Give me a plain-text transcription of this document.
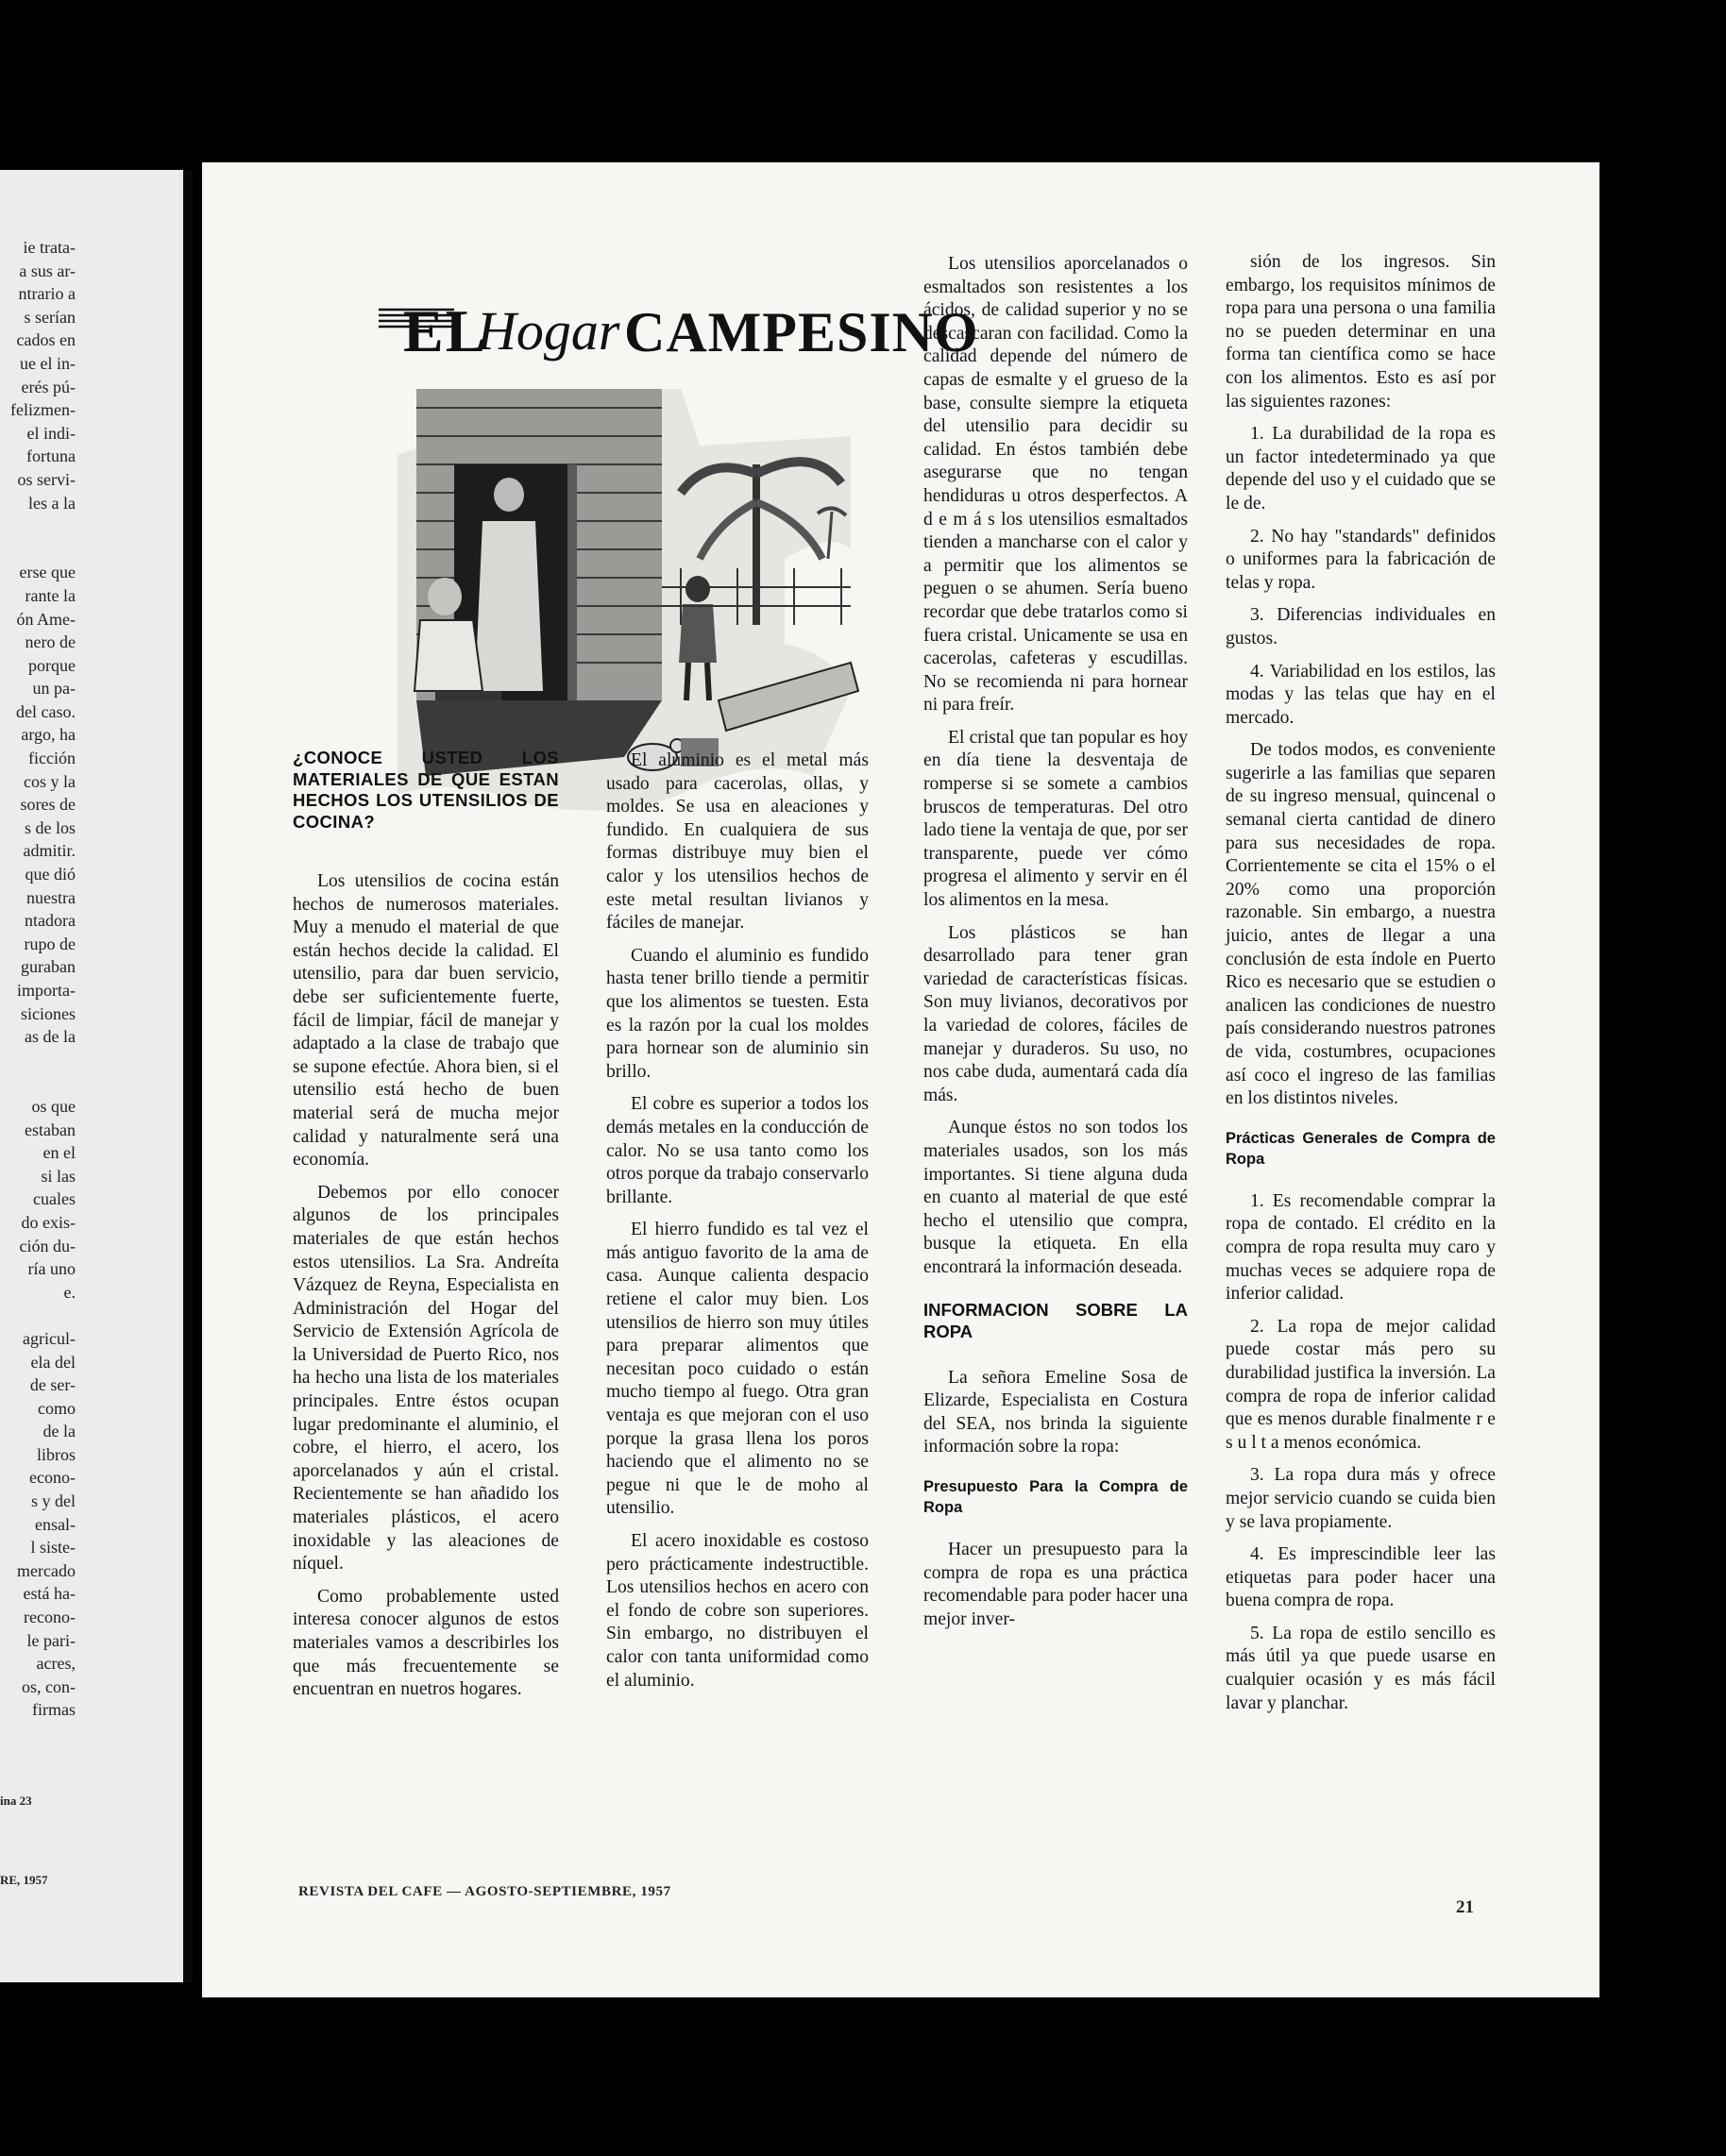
ie trata-
a sus ar-
ntrario a
s serían
cados en
ue el in-
erés pú-
felizmen-
el indi-
fortuna
os servi-
les a la

erse que
rante la
ón Ame-
nero de
porque
un pa-
del caso.
argo, ha
ficción
cos y la
sores de
s de los
admitir.
que dió
nuestra
ntadora
rupo de
guraban
importa-
siciones
as de la

os que
estaban
en el
si las
cuales
do exis-
ción du-
ría uno
e.

agricul-
ela del
de ser-
como
de la
libros
econo-
s y del
ensal-
l siste-
mercado
está ha-
recono-
le pari-
acres,
os, con-
firmas
ina 23
RE, 1957
EL
Hogar CAMPESINO
¿CONOCE USTED LOS MATERIALES DE QUE ESTAN HECHOS LOS UTENSILIOS DE COCINA?

Los utensilios de cocina están hechos de numerosos materiales. Muy a menudo el material de que están hechos decide la calidad. El utensilio, para dar buen servicio, debe ser suficientemente fuerte, fácil de limpiar, fácil de manejar y adaptado a la clase de trabajo que se supone efectúe. Ahora bien, si el utensilio está hecho de buen material será de mucha mejor calidad y naturalmente será una economía.

Debemos por ello conocer algunos de los principales materiales de que están hechos estos utensilios. La Sra. Andreíta Vázquez de Reyna, Especialista en Administración del Hogar del Servicio de Extensión Agrícola de la Universidad de Puerto Rico, nos ha hecho una lista de los materiales principales. Entre éstos ocupan lugar predominante el aluminio, el cobre, el hierro, el acero, los aporcelanados y aún el cristal. Recientemente se han añadido los materiales plásticos, el acero inoxidable y las aleaciones de níquel.

Como probablemente usted interesa conocer algunos de estos materiales vamos a describirles los que más frecuentemente se encuentran en nuetros hogares.

El aluminio es el metal más usado para cacerolas, ollas, y moldes. Se usa en aleaciones y fundido. En cualquiera de sus formas distribuye muy bien el calor y los utensilios hechos de este metal resultan livianos y fáciles de manejar.

Cuando el aluminio es fundido hasta tener brillo tiende a permitir que los alimentos se tuesten. Esta es la razón por la cual los moldes para hornear son de aluminio sin brillo.

El cobre es superior a todos los demás metales en la conducción de calor. No se usa tanto como los otros porque da trabajo conservarlo brillante.

El hierro fundido es tal vez el más antiguo favorito de la ama de casa. Aunque calienta despacio retiene el calor muy bien. Los utensilios de hierro son muy útiles para preparar alimentos que necesitan poco cuidado o están mucho tiempo al fuego. Otra gran ventaja es que mejoran con el uso porque la grasa llena los poros haciendo que el alimento no se pegue ni que le de moho al utensilio.

El acero inoxidable es costoso pero prácticamente indestructible. Los utensilios hechos en acero con el fondo de cobre son superiores. Sin embargo, no distribuyen el calor con tanta uniformidad como el aluminio.

Los utensilios aporcelanados o esmaltados son resistentes a los ácidos, de calidad superior y no se descascaran con facilidad. Como la calidad depende del número de capas de esmalte y el grueso de la base, consulte siempre la etiqueta del utensilio para decidir su calidad. En éstos también debe asegurarse que no tengan hendiduras u otros desperfectos. A d e m á s los utensilios esmaltados tienden a mancharse con el calor y a permitir que los alimentos se peguen o se ahumen. Sería bueno recordar que debe tratarlos como si fuera cristal. Unicamente se usa en cacerolas, cafeteras y escudillas. No se recomienda ni para hornear ni para freír.

El cristal que tan popular es hoy en día tiene la desventaja de romperse si se somete a cambios bruscos de temperaturas. Del otro lado tiene la ventaja de que, por ser transparente, puede ver cómo progresa el alimento y servir en él los alimentos en la mesa.

Los plásticos se han desarrollado para tener gran variedad de características físicas. Son muy livianos, decorativos por la variedad de colores, fáciles de manejar y duraderos. Su uso, no nos cabe duda, aumentará cada día más.

Aunque éstos no son todos los materiales usados, son los más importantes. Si tiene alguna duda en cuanto al material de que esté hecho el utensilio que compra, busque la etiqueta. En ella encontrará la información deseada.

INFORMACION SOBRE LA ROPA

La señora Emeline Sosa de Elizarde, Especialista en Costura del SEA, nos brinda la siguiente información sobre la ropa:

Presupuesto Para la Compra de Ropa

Hacer un presupuesto para la compra de ropa es una práctica recomendable para poder hacer una mejor inver-

sión de los ingresos. Sin embargo, los requisitos mínimos de ropa para una persona o una familia no se pueden determinar en una forma tan científica como se hace con los alimentos. Esto es así por las siguientes razones:

1. La durabilidad de la ropa es un factor intedeterminado ya que depende del uso y el cuidado que se le de.

2. No hay "standards" definidos o uniformes para la fabricación de telas y ropa.

3. Diferencias individuales en gustos.

4. Variabilidad en los estilos, las modas y las telas que hay en el mercado.

De todos modos, es conveniente sugerirle a las familias que separen de su ingreso mensual, quincenal o semanal cierta cantidad de dinero para sus necesidades de ropa. Corrientemente se cita el 15% o el 20% como una proporción razonable. Sin embargo, a nuestra juicio, antes de llegar a una conclusión de esta índole en Puerto Rico es necesario que se estudien o analicen las condiciones de nuestro país considerando nuestros patrones de vida, costumbres, ocupaciones así coco el ingreso de las familias en los distintos niveles.

Prácticas Generales de Compra de Ropa

1. Es recomendable comprar la ropa de contado. El crédito en la compra de ropa resulta muy caro y muchas veces se adquiere ropa de inferior calidad.

2. La ropa de mejor calidad puede costar más pero su durabilidad justifica la inversión. La compra de ropa de inferior calidad que es menos durable finalmente r e s u l t a menos económica.

3. La ropa dura más y ofrece mejor servicio cuando se cuida bien y se lava propiamente.

4. Es imprescindible leer las etiquetas para poder hacer una buena compra de ropa.

5. La ropa de estilo sencillo es más útil ya que puede usarse en cualquier ocasión y es más fácil lavar y planchar.

REVISTA DEL CAFE — AGOSTO-SEPTIEMBRE, 1957
21
